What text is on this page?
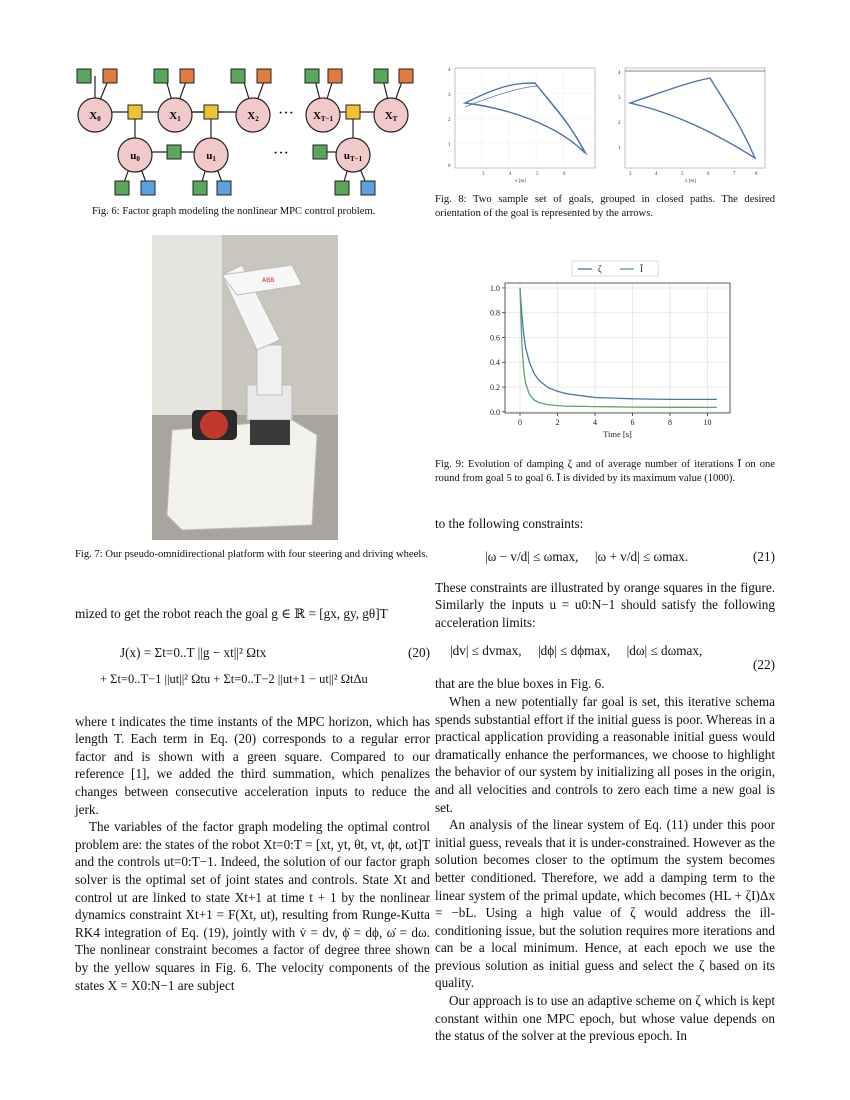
X0	X1	X2	XT−1	XT
u0	u1	uT−1
···
···

Fig. 6: Factor graph modeling the nonlinear MPC control problem.

ABB

Fig. 7: Our pseudo-omnidirectional platform with four steering and driving wheels.

3	4	5	6
4
3
2
1
0
x [m]
3	4	5	6	7	8
4
3
2
1
x [m]

Fig. 8: Two sample set of goals, grouped in closed paths. The desired orientation of the goal is represented by the arrows.

0	2	4	6	8	10
0.0
0.2
0.4
0.6
0.8
1.0
Time [s]
ζ	Ī

Fig. 9: Evolution of damping ζ and of average number of iterations Ī on one round from goal 5 to goal 6. Ī is divided by its maximum value (1000).

mized to get the robot reach the goal g ∈ ℝ = [gx, gy, gθ]T

J(x) = Σt=0..T ||g − xt||² Ωtx
+ Σt=0..T−1 ||ut||² Ωtu + Σt=0..T−2 ||ut+1 − ut||² ΩtΔu
(20)

where t indicates the time instants of the MPC horizon, which has length T. Each term in Eq. (20) corresponds to a regular error factor and is shown with a green square. Compared to our reference [1], we added the third summation, which penalizes changes between consecutive acceleration inputs to reduce the jerk.

The variables of the factor graph modeling the optimal control problem are: the states of the robot Xt=0:T = [xt, yt, θt, vt, ϕt, ωt]T and the controls ut=0:T−1. Indeed, the solution of our factor graph solver is the optimal set of joint states and controls. State Xt and control ut are linked to state Xt+1 at time t + 1 by the nonlinear dynamics constraint Xt+1 = F(Xt, ut), resulting from Runge-Kutta RK4 integration of Eq. (19), jointly with v̇ = dv, ϕ̇ = dϕ, ω̇ = dω. The nonlinear constraint becomes a factor of degree three shown by the yellow squares in Fig. 6. The velocity components of the states X = X0:N−1 are subject

to the following constraints:

|ω − v/d| ≤ ωmax,     |ω + v/d| ≤ ωmax.	(21)

These constraints are illustrated by orange squares in the figure. Similarly the inputs u = u0:N−1 should satisfy the following acceleration limits:

|dv| ≤ dvmax,     |dϕ| ≤ dϕmax,     |dω| ≤ dωmax,
(22)

that are the blue boxes in Fig. 6.

When a new potentially far goal is set, this iterative schema spends substantial effort if the initial guess is poor. Whereas in a practical application providing a reasonable initial guess would dramatically enhance the performances, we choose to highlight the behavior of our system by initializing all poses in the origin, and all velocities and controls to zero each time a new goal is set.

An analysis of the linear system of Eq. (11) under this poor initial guess, reveals that it is under-constrained. However as the solution becomes closer to the optimum the system becomes better conditioned. Therefore, we add a damping term to the linear system of the primal update, which becomes (HL + ζI)Δx = −bL. Using a high value of ζ would address the ill-conditioning issue, but the solution requires more iterations and can be a local minimum. Hence, at each epoch we use the previous solution as initial guess and select the ζ based on its quality.

Our approach is to use an adaptive scheme on ζ which is kept constant within one MPC epoch, but whose value depends on the status of the solver at the previous epoch. In
